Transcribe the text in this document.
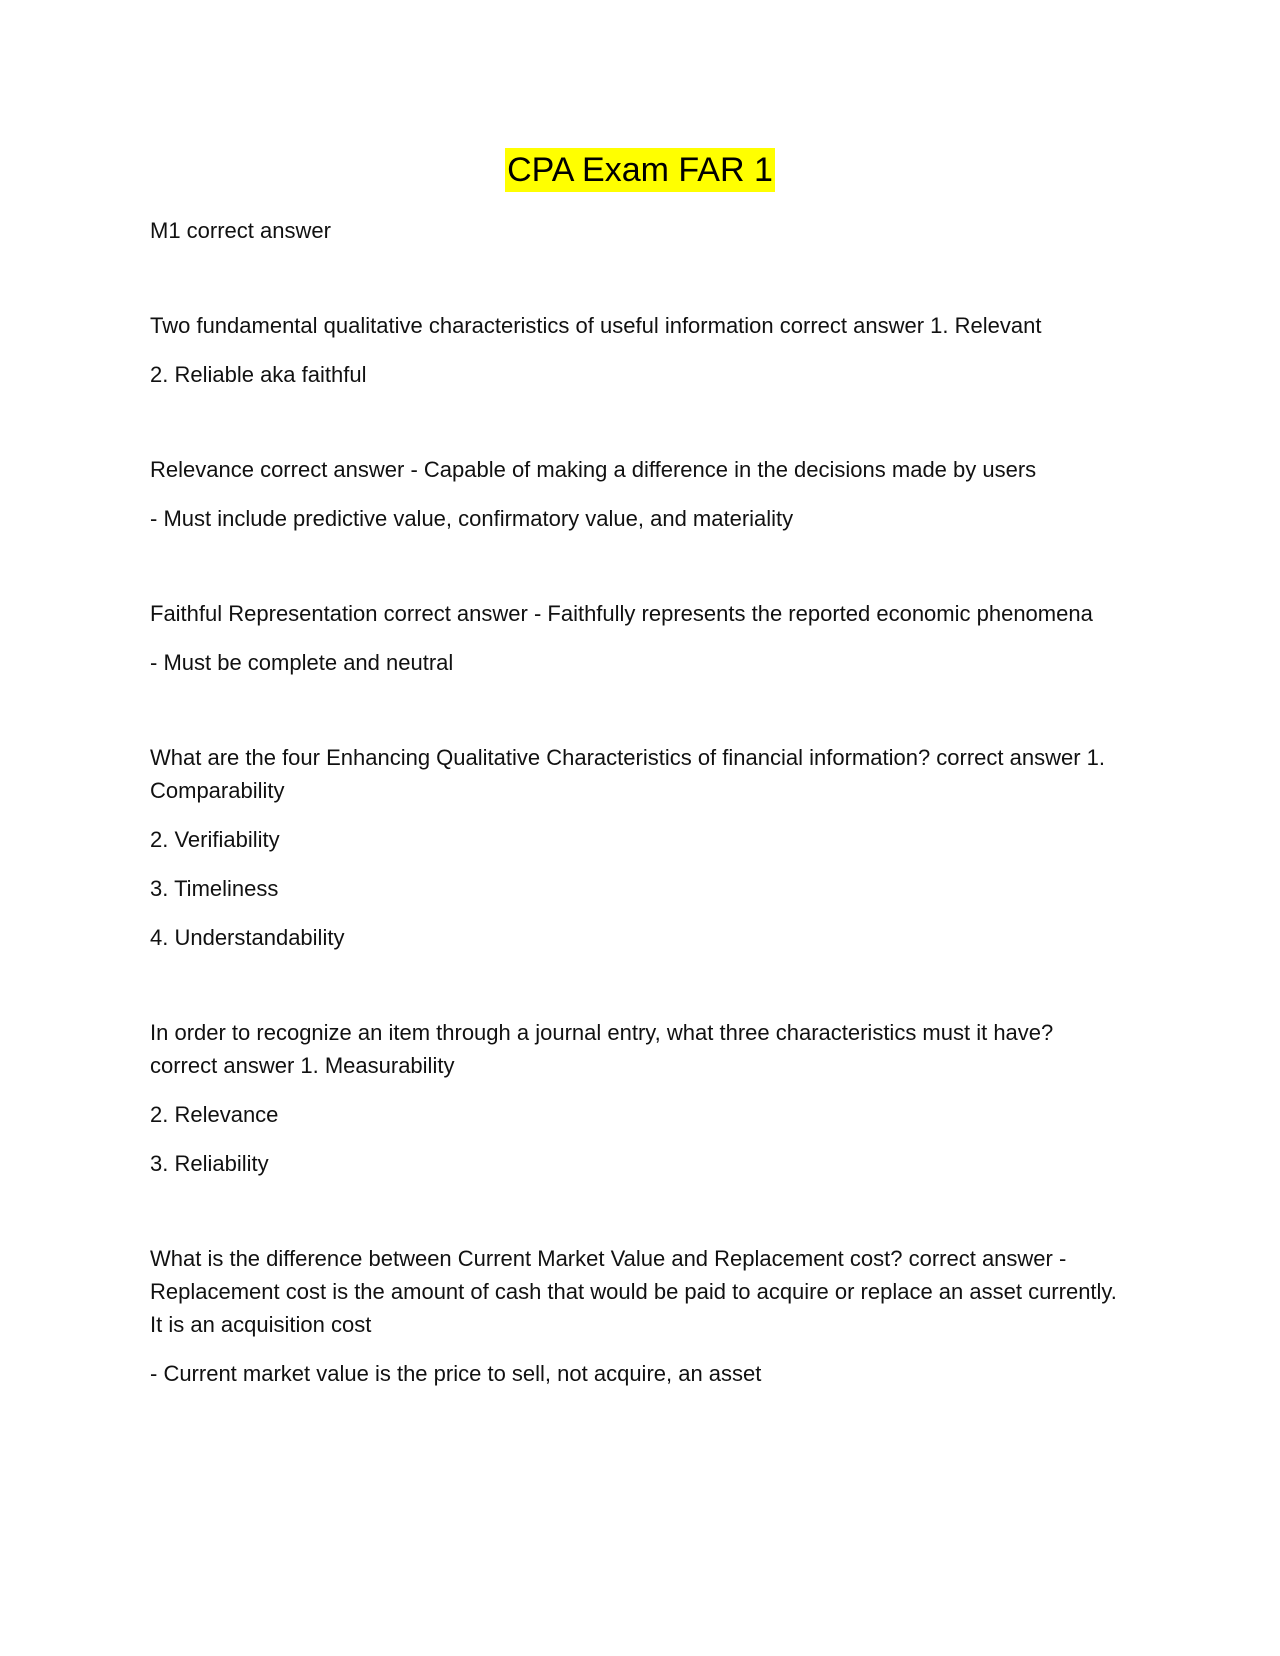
CPA Exam FAR 1

M1 correct answer

Two fundamental qualitative characteristics of useful information correct answer 1. Relevant

2. Reliable aka faithful

Relevance correct answer - Capable of making a difference in the decisions made by users

- Must include predictive value, confirmatory value, and materiality

Faithful Representation correct answer - Faithfully represents the reported economic phenomena

- Must be complete and neutral

What are the four Enhancing Qualitative Characteristics of financial information? correct answer 1. Comparability

2. Verifiability

3. Timeliness

4. Understandability

In order to recognize an item through a journal entry, what three characteristics must it have? correct answer 1. Measurability

2. Relevance

3. Reliability

What is the difference between Current Market Value and Replacement cost? correct answer - Replacement cost is the amount of cash that would be paid to acquire or replace an asset currently. It is an acquisition cost

- Current market value is the price to sell, not acquire, an asset
